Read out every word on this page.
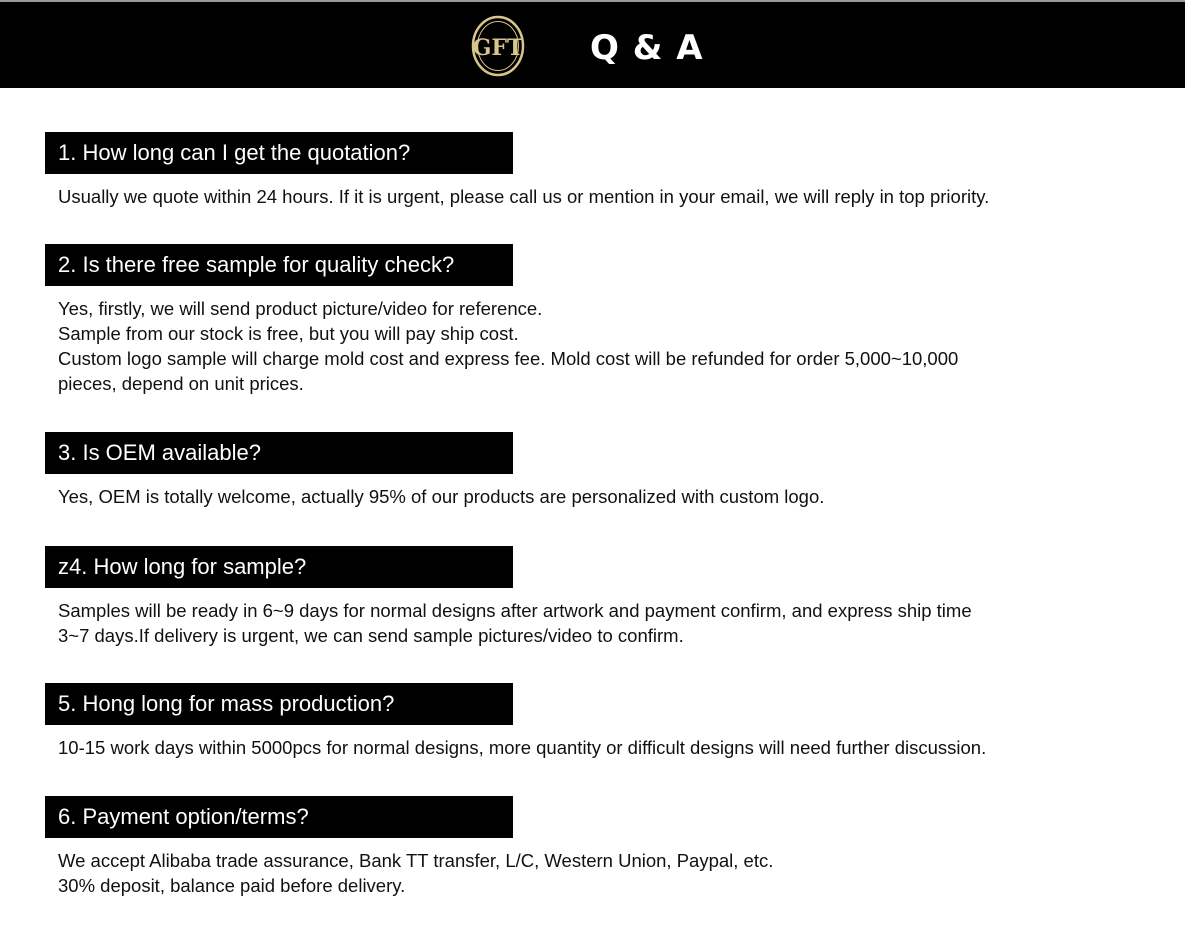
GFT Q & A
1. How long can I get the quotation?
Usually we quote within 24 hours. If it is urgent, please call us or mention in your email, we will reply in top priority.
2. Is there free sample for quality check?
Yes, firstly, we will send product picture/video for reference.
Sample from our stock is free, but you will pay ship cost.
Custom logo sample will charge mold cost and express fee. Mold cost will be refunded for order 5,000~10,000
pieces, depend on unit prices.
3. Is OEM available?
Yes, OEM is totally welcome, actually 95% of our products are personalized with custom logo.
z4. How long for sample?
Samples will be ready in 6~9 days for normal designs after artwork and payment confirm, and express ship time
3~7 days.If delivery is urgent, we can send sample pictures/video to confirm.
5. Hong long for mass production?
10-15 work days within 5000pcs for normal designs, more quantity or difficult designs will need further discussion.
6. Payment option/terms?
We accept Alibaba trade assurance, Bank TT transfer, L/C, Western Union, Paypal, etc.
30% deposit, balance paid before delivery.
